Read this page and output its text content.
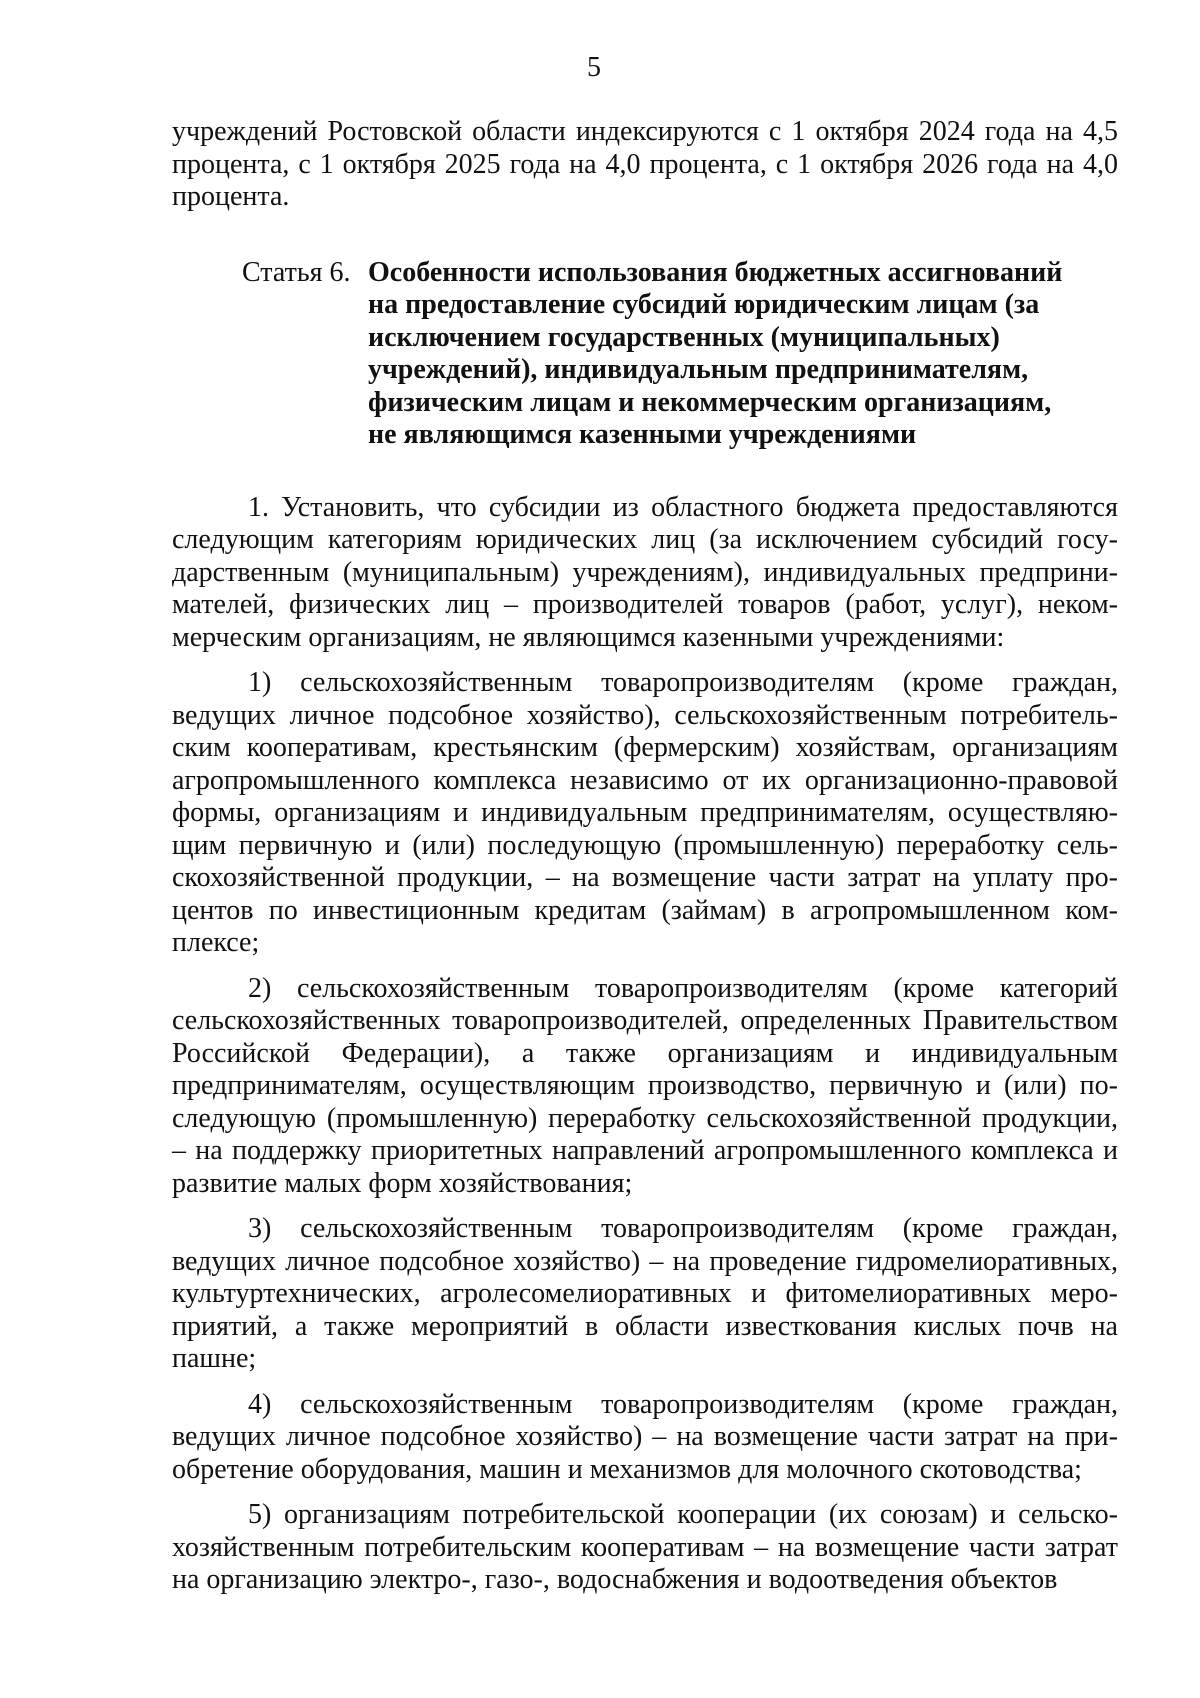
5

учреждений Ростовской области индексируются с 1 октября 2024 года на 4,5 процента, с 1 октября 2025 года на 4,0 процента, с 1 октября 2026 года на 4,0 процента.

Статья 6. Особенности использования бюджетных ассигнований
на предоставление субсидий юридическим лицам (за
исключением государственных (муниципальных)
учреждений), индивидуальным предпринимателям,
физическим лицам и некоммерческим организациям,
не являющимся казенными учреждениями

1. Установить, что субсидии из областного бюджета предоставляются следующим категориям юридических лиц (за исключением субсидий государственным (муниципальным) учреждениям), индивидуальных предпринимателей, физических лиц – производителей товаров (работ, услуг), некоммерческим организациям, не являющимся казенными учреждениями:

1) сельскохозяйственным товаропроизводителям (кроме граждан, ведущих личное подсобное хозяйство), сельскохозяйственным потребительским кооперативам, крестьянским (фермерским) хозяйствам, организациям агропромышленного комплекса независимо от их организационно-правовой формы, организациям и индивидуальным предпринимателям, осуществляющим первичную и (или) последующую (промышленную) переработку сельскохозяйственной продукции, – на возмещение части затрат на уплату процентов по инвестиционным кредитам (займам) в агропромышленном комплексе;

2) сельскохозяйственным товаропроизводителям (кроме категорий сельскохозяйственных товаропроизводителей, определенных Правительством Российской Федерации), а также организациям и индивидуальным предпринимателям, осуществляющим производство, первичную и (или) последующую (промышленную) переработку сельскохозяйственной продукции, – на поддержку приоритетных направлений агропромышленного комплекса и развитие малых форм хозяйствования;

3) сельскохозяйственным товаропроизводителям (кроме граждан, ведущих личное подсобное хозяйство) – на проведение гидромелиоративных, культуртехнических, агролесомелиоративных и фитомелиоративных мероприятий, а также мероприятий в области известкования кислых почв на пашне;

4) сельскохозяйственным товаропроизводителям (кроме граждан, ведущих личное подсобное хозяйство) – на возмещение части затрат на приобретение оборудования, машин и механизмов для молочного скотоводства;

5) организациям потребительской кооперации (их союзам) и сельскохозяйственным потребительским кооперативам – на возмещение части затрат на организацию электро-, газо-, водоснабжения и водоотведения объектов
